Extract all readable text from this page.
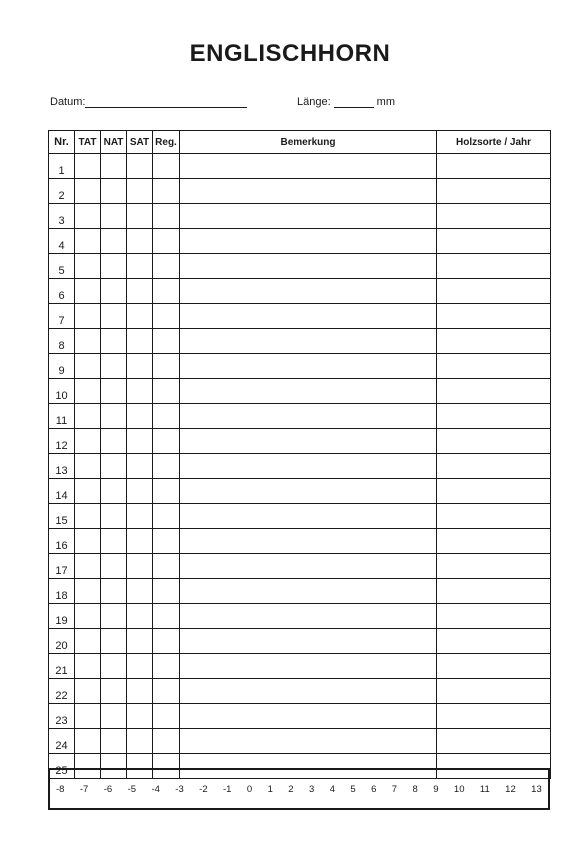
ENGLISCHHORN
Datum:	Länge:	mm
Nr.	TAT	NAT	SAT	Reg.	Bemerkung	Holzsorte / Jahr
1						
2						
3						
4						
5						
6						
7						
8						
9						
10						
11						
12						
13						
14						
15						
16						
17						
18						
19						
20						
21						
22						
23						
24						
25						
-8 -7 -6 -5 -4 -3 -2 -1 0 1 2 3 4 5 6 7 8 9 10 11 12 13
